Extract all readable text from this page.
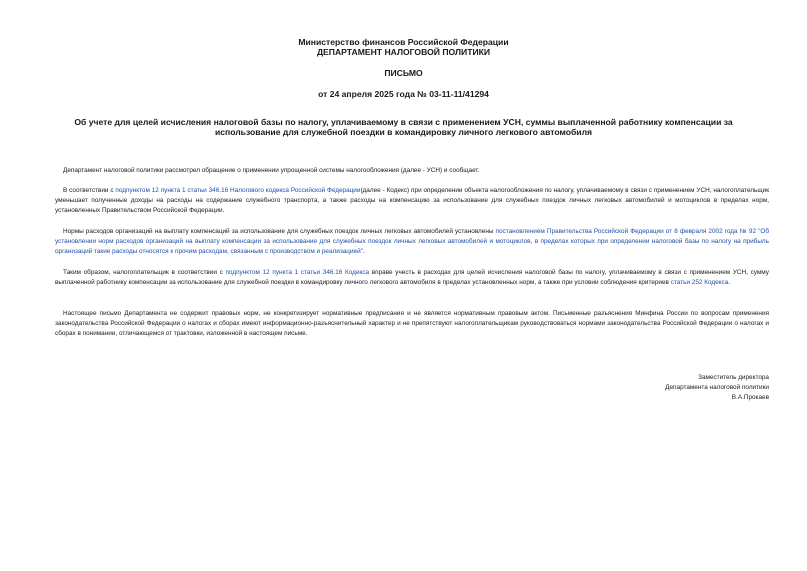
Министерство финансов Российской Федерации

ДЕПАРТАМЕНТ НАЛОГОВОЙ ПОЛИТИКИ

ПИСЬМО

от 24 апреля 2025 года № 03-11-11/41294

Об учете для целей исчисления налоговой базы по налогу, уплачиваемому в связи с применением УСН, суммы выплаченной работнику компенсации за

использование для служебной поездки в командировку личного легкового автомобиля

Департамент налоговой политики рассмотрел обращение о применении упрощенной системы налогообложения (далее - УСН) и сообщает.

В соответствии с подпунктом 12 пункта 1 статьи 346.16 Налогового кодекса Российской Федерации(далее - Кодекс) при определении объекта налогообложения по налогу, уплачиваемому в связи с применением УСН, налогоплательщик уменьшает полученные доходы на расходы на содержание служебного транспорта, а также расходы на компенсацию за использование для служебных поездок личных легковых автомобилей и мотоциклов в пределах норм, установленных Правительством Российской Федерации.

Нормы расходов организаций на выплату компенсаций за использование для служебных поездок личных легковых автомобилей установлены постановлением Правительства Российской Федерации от 8 февраля 2002 года № 92 "Об установлении норм расходов организаций на выплату компенсации за использование для служебных поездок личных легковых автомобилей и мотоциклов, в пределах которых при определении налоговой базы по налогу на прибыль организаций такие расходы относятся к прочим расходам, связанным с производством и реализацией".

Таким образом, налогоплательщик в соответствии с подпунктом 12 пункта 1 статьи 346.16 Кодекса вправе учесть в расходах для целей исчисления налоговой базы по налогу, уплачиваемому в связи с применением УСН, сумму выплаченной работнику компенсации за использование для служебной поездки в командировку личного легкового автомобиля в пределах установленных норм, а также при условии соблюдения критериев статьи 252 Кодекса.

Настоящее письмо Департамента не содержит правовых норм, не конкретизирует нормативные предписания и не является нормативным правовым актом. Письменные разъяснения Минфина России по вопросам применения законодательства Российской Федерации о налогах и сборах имеют информационно-разъяснительный характер и не препятствуют налогоплательщикам руководствоваться нормами законодательства Российской Федерации о налогах и сборах в понимании, отличающемся от трактовки, изложенной в настоящем письме.

Заместитель директора

Департамента налоговой политики

В.А.Прокаев
